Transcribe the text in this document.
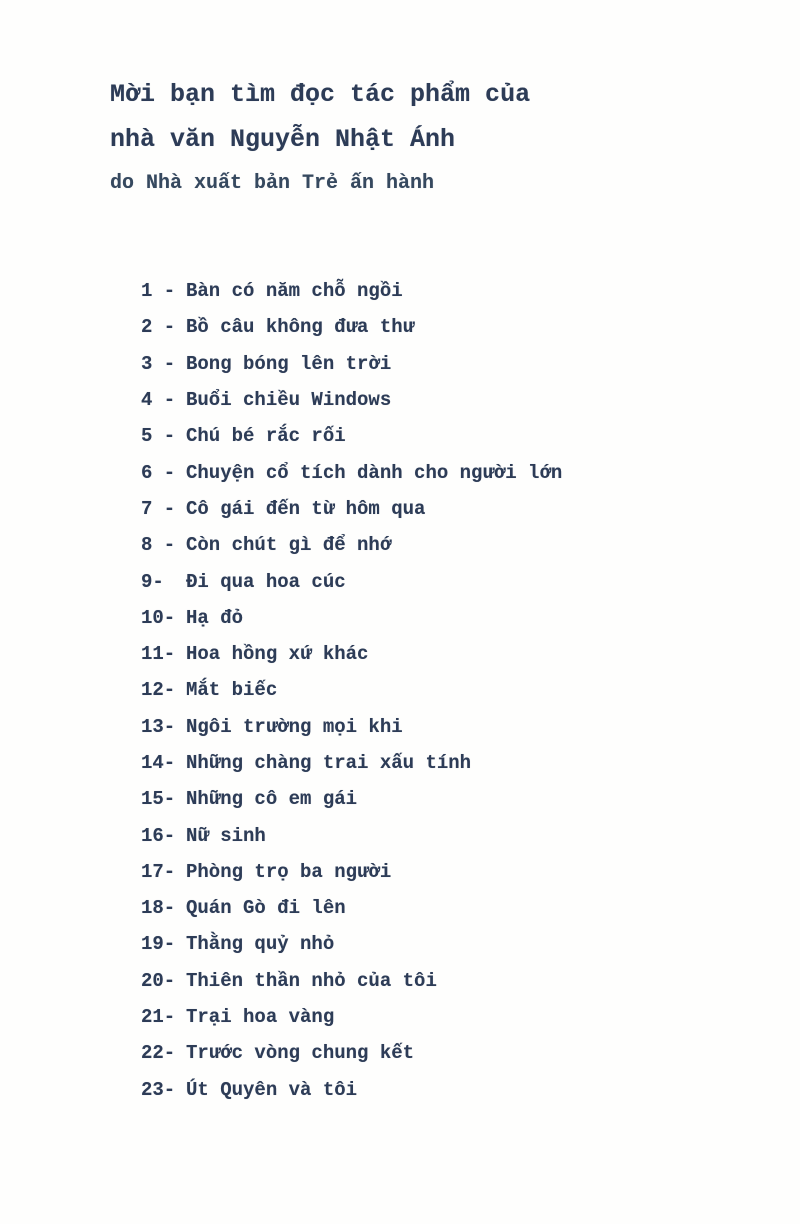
Mời bạn tìm đọc tác phẩm của
nhà văn Nguyễn Nhật Ánh
do Nhà xuất bản Trẻ ấn hành
1 - Bàn có năm chỗ ngồi
2 - Bồ câu không đưa thư
3 - Bong bóng lên trời
4 - Buổi chiều Windows
5 - Chú bé rắc rối
6 - Chuyện cổ tích dành cho người lớn
7 - Cô gái đến từ hôm qua
8 - Còn chút gì để nhớ
9-	Đi qua hoa cúc
10- Hạ đỏ
11- Hoa hồng xứ khác
12- Mắt biếc
13- Ngôi trường mọi khi
14- Những chàng trai xấu tính
15- Những cô em gái
16- Nữ sinh
17- Phòng trọ ba người
18- Quán Gò đi lên
19- Thằng quỷ nhỏ
20- Thiên thần nhỏ của tôi
21- Trại hoa vàng
22- Trước vòng chung kết
23- Út Quyên và tôi
